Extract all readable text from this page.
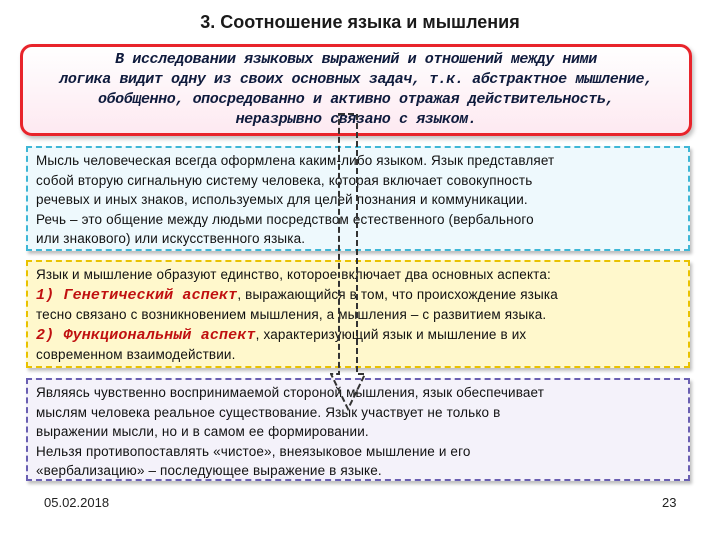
3. Соотношение языка и мышления
В исследовании языковых выражений и отношений между ними
логика видит одну из своих основных задач, т.к. абстрактное мышление,
обобщенно, опосредованно и активно отражая действительность,
неразрывно связано с языком.
Мысль человеческая всегда оформлена каким-либо языком. Язык представляет
собой вторую сигнальную систему человека, которая включает совокупность
речевых и иных знаков, используемых для целей познания и коммуникации.
Речь – это общение между людьми посредством естественного (вербального
или знакового) или искусственного языка.
Язык и мышление образуют единство, которое включает два основных аспекта:
1) Генетический аспект, выражающийся в том, что происхождение языка
тесно связано с возникновением мышления, а мышления – с развитием языка.
2) Функциональный аспект, характеризующий язык и мышление в их
современном взаимодействии.
Являясь чувственно воспринимаемой стороной мышления, язык обеспечивает
мыслям человека реальное существование. Язык участвует не только в
выражении мысли, но и в самом ее формировании.
Нельзя противопоставлять «чистое», внеязыковое мышление и его
«вербализацию» – последующее выражение в языке.
05.02.2018	23
